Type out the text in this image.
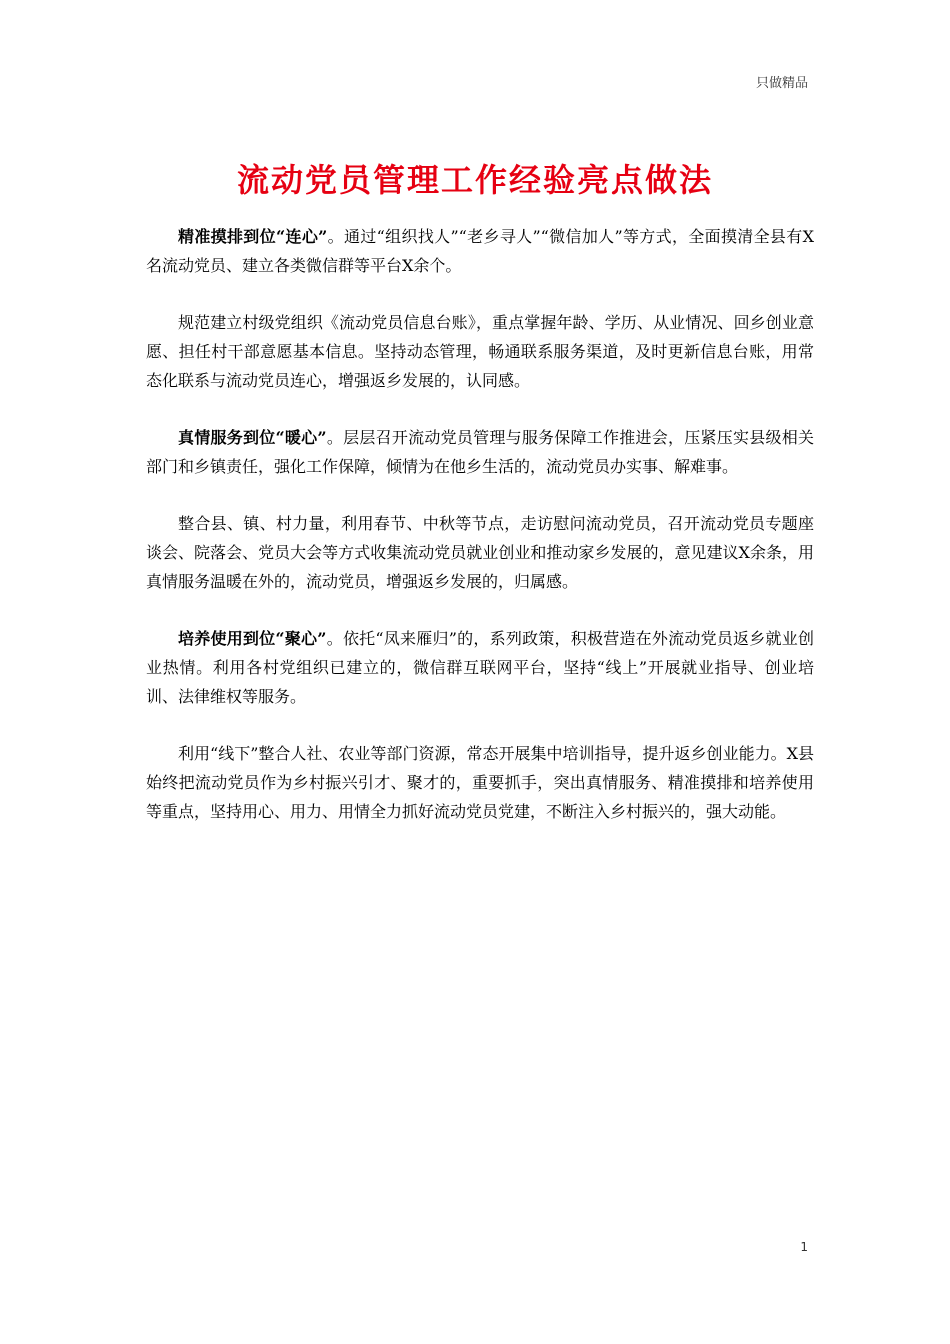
只做精品

流动党员管理工作经验亮点做法

精准摸排到位“连心”。通过“组织找人”“老乡寻人”“微信加人”等方式，全面摸清全县有X名流动党员、建立各类微信群等平台X余个。

规范建立村级党组织《流动党员信息台账》，重点掌握年龄、学历、从业情况、回乡创业意愿、担任村干部意愿基本信息。坚持动态管理，畅通联系服务渠道，及时更新信息台账，用常态化联系与流动党员连心，增强返乡发展的，认同感。

真情服务到位“暖心”。层层召开流动党员管理与服务保障工作推进会，压紧压实县级相关部门和乡镇责任，强化工作保障，倾情为在他乡生活的，流动党员办实事、解难事。

整合县、镇、村力量，利用春节、中秋等节点，走访慰问流动党员，召开流动党员专题座谈会、院落会、党员大会等方式收集流动党员就业创业和推动家乡发展的，意见建议X余条，用真情服务温暖在外的，流动党员，增强返乡发展的，归属感。

培养使用到位“聚心”。依托“凤来雁归”的，系列政策，积极营造在外流动党员返乡就业创业热情。利用各村党组织已建立的，微信群互联网平台，坚持“线上”开展就业指导、创业培训、法律维权等服务。

利用“线下”整合人社、农业等部门资源，常态开展集中培训指导，提升返乡创业能力。X县始终把流动党员作为乡村振兴引才、聚才的，重要抓手，突出真情服务、精准摸排和培养使用等重点，坚持用心、用力、用情全力抓好流动党员党建，不断注入乡村振兴的，强大动能。

1
